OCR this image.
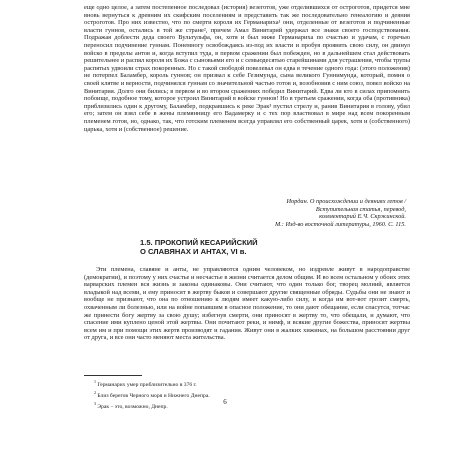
еще одно целое, а затем постепенное последовал (история) везеготов, уже отделившихся от остроготов, придется мне вновь вернуться к древним их скифским поселениям и представить так же последовательно генеалогию и деяния остроготов. Про них известно, что по смерти короля их Германариха¹ они, отделенные от везеготов и подчиненные власти гуннов, остались в той же стране², причем Амал Винитарий удержал все знаки своего господствования. Подражая доблести деда своего Вультульфа, он, хотя и был ниже Германариха по счастью и удачам, с горечью переносил подчинение гуннам. Понемногу освобождаясь из-под их власти и пробуя проявить свою силу, он двинул войско в пределы антов и, когда вступил туда, в первом сражении был побежден, но в дальнейшем стал действовать решительнее и распял короля их Божа с сыновьями его и с семьюдесятью старейшинами для устрашения, чтобы трупы распятых удвоили страх покоренных. Но с такой свободой повелевал он едва в течение одного года: (этого положения) не потерпел Баламбер, король гуннов; он призвал к себе Гезимунда, сына великого Гуннимунда, который, помня о своей клятве и верности, подчинялся гуннам со значительной частью готов и, возобновив с ним союз, повел войско на Винитария. Долго они бились; в первом и во втором сражениях победил Винитарий. Едва ли кто в силах припомнить побоище, подобное тому, которое устроил Винитарий в войске гуннов! Но в третьем сражении, когда оба (противника) приблизились один к другому, Баламбер, подкравшись к реке Эрак³ пустил стрелу и, ранив Винитария в голову, убил его; затем он взял себе в жены племянницу его Вадамерку и с тех пор властвовал в мире над всем покоренным племенем готов, но, однако, так, что готским племенем всегда управлял его собственный царек, хотя и (собственного) царька, хотя и (собственное) решение.

Иордан. О происхождении и деяниях гетов /
Вступительная статья, перевод,
комментарий Е.Ч. Скржинской.
М.: Изд-во восточной литературы, 1960. С. 115.
1.5. ПРОКОПИЙ КЕСАРИЙСКИЙ
О СЛАВЯНАХ И АНТАХ, VI в.

Эти племена, славяне и анты, не управляются одним человеком, но издревле живут в народоправстве (демократии), и поэтому у них счастье и несчастье в жизни считается делом общим. И во всем остальном у обоих этих варварских племен вся жизнь и законы одинаковы. Они считают, что один только бог, творец молний, является владыкой над всеми, и ему приносят в жертву быков и совершают другие священные обряды. Судьбы они не знают и вообще не признают, что она по отношению к людям имеет какую-либо силу, и когда им вот-вот грозит смерть, охваченным ли болезнью, или на войне попавшим в опасное положение, то они дают обещание, если спасутся, тотчас же принести богу жертву за свою душу; избегнув смерти, они приносят в жертву то, что обещали, и думают, что спасение ими куплено ценой этой жертвы. Они почитают реки, и нимф, и всякие другие божества, приносят жертвы всем им и при помощи этих жертв производят и гадания. Живут они в жалких хижинах, на большом расстоянии друг от друга, и все они часто меняют места жительства.

$^1$ Германарих умер приблизительно в 376 г.
$^2$ Близ берегов Черного моря и Нижнего Днепра.
$^3$ Эрак – это, возможно, Днепр.
6
